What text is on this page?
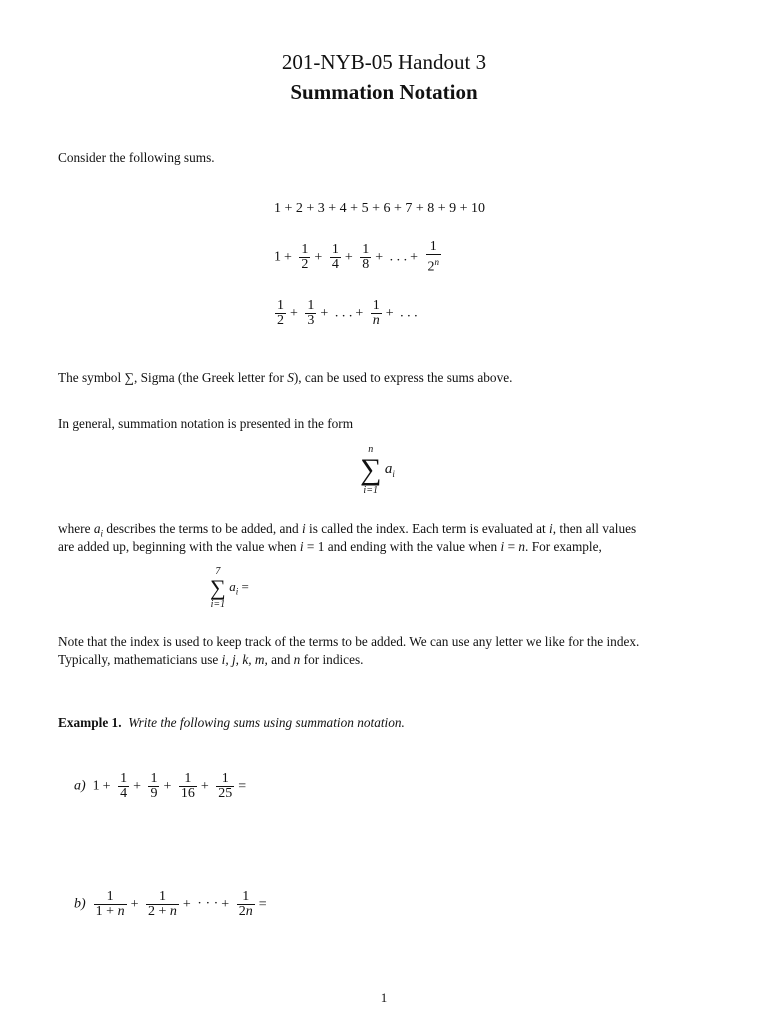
201-NYB-05 Handout 3
Summation Notation
Consider the following sums.
1 + 2 + 3 + 4 + 5 + 6 + 7 + 8 + 9 + 10
$1 + \frac{1}{2} + \frac{1}{4} + \frac{1}{8}$ + . . . + $\frac{1}{2^n}$
$\frac{1}{2} + \frac{1}{3}$ + . . . + $\frac{1}{n}$ + . . .
The symbol ∑, Sigma (the Greek letter for S), can be used to express the sums above.
In general, summation notation is presented in the form
n
∑
i=1
$a_i$
where $a_i$ describes the terms to be added, and i is called the index. Each term is evaluated at i, then all values
are added up, beginning with the value when i = 1 and ending with the value when i = n. For example,
7
∑
i=1
$a_i$ =
Note that the index is used to keep track of the terms to be added. We can use any letter we like for the index.
Typically, mathematicians use i, j, k, m, and n for indices.
Example 1. Write the following sums using summation notation.
a) $1 + \frac{1}{4} + \frac{1}{9} + \frac{1}{16} + \frac{1}{25}$ =
$b) \frac{1}{1 + n} + \frac{1}{2 + n}$ + · · · + $\frac{1}{2n}$ =
1
